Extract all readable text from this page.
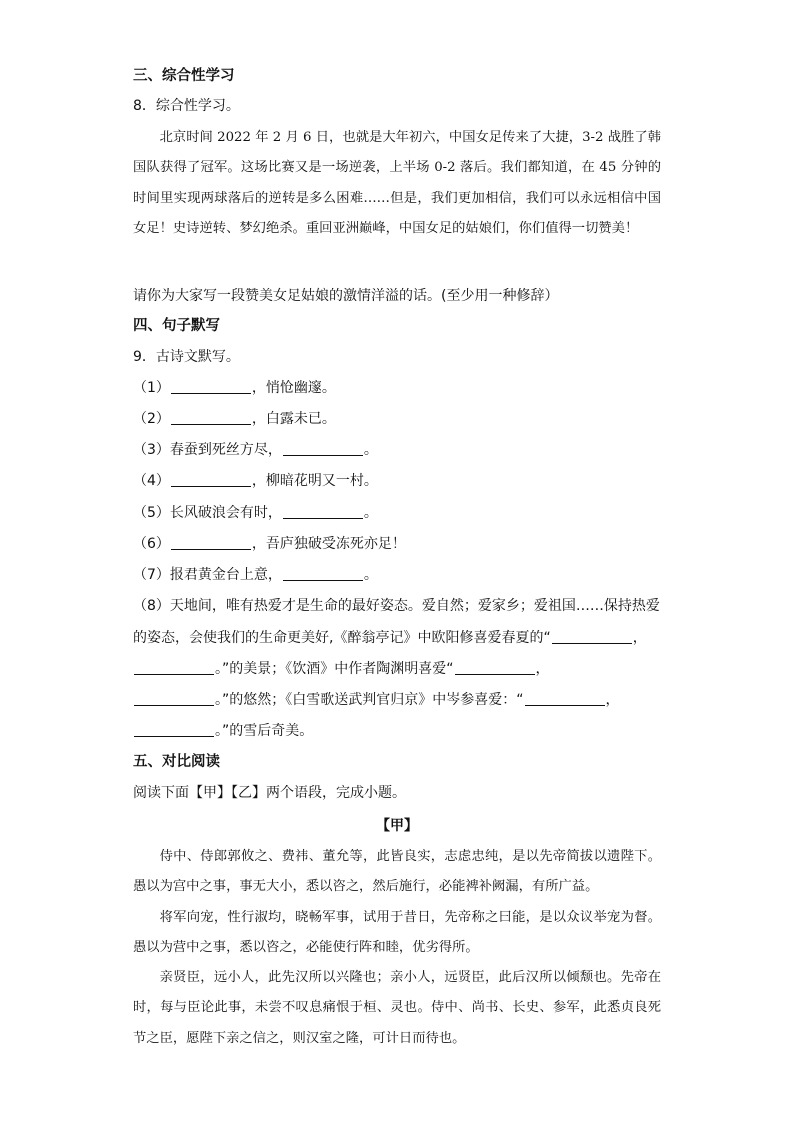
三、综合性学习
8．综合性学习。

北京时间 2022 年 2 月 6 日，也就是大年初六，中国女足传来了大捷，3-2 战胜了韩国队获得了冠军。这场比赛又是一场逆袭，上半场 0-2 落后。我们都知道，在 45 分钟的时间里实现两球落后的逆转是多么困难……但是，我们更加相信，我们可以永远相信中国女足！史诗逆转、梦幻绝杀。重回亚洲巅峰，中国女足的姑娘们，你们值得一切赞美！

请你为大家写一段赞美女足姑娘的激情洋溢的话。(至少用一种修辞）
四、句子默写
9．古诗文默写。
（1）	，悄怆幽邃。
（2）	，白露未已。
（3）春蚕到死丝方尽，	。
（4）	，柳暗花明又一村。
（5）长风破浪会有时，	。
（6）	，吾庐独破受冻死亦足！
（7）报君黄金台上意，	。
（8）天地间，唯有热爱才是生命的最好姿态。爱自然；爱家乡；爱祖国……保持热爱
的姿态，会使我们的生命更美好,《醉翁亭记》中欧阳修喜爱春夏的“	，
。”的美景；《饮酒》中作者陶渊明喜爱“	，
。”的悠然；《白雪歌送武判官归京》中岑参喜爱：“	，
。”的雪后奇美。
五、对比阅读
阅读下面【甲】【乙】两个语段，完成小题。
【甲】

侍中、侍郎郭攸之、费祎、董允等，此皆良实，志虑忠纯，是以先帝简拔以遗陛下。愚以为宫中之事，事无大小，悉以咨之，然后施行，必能裨补阙漏，有所广益。

将军向宠，性行淑均，晓畅军事，试用于昔日，先帝称之曰能，是以众议举宠为督。愚以为营中之事，悉以咨之，必能使行阵和睦，优劣得所。

亲贤臣，远小人，此先汉所以兴隆也；亲小人，远贤臣，此后汉所以倾颓也。先帝在时，每与臣论此事，未尝不叹息痛恨于桓、灵也。侍中、尚书、长史、参军，此悉贞良死节之臣，愿陛下亲之信之，则汉室之隆，可计日而待也。
